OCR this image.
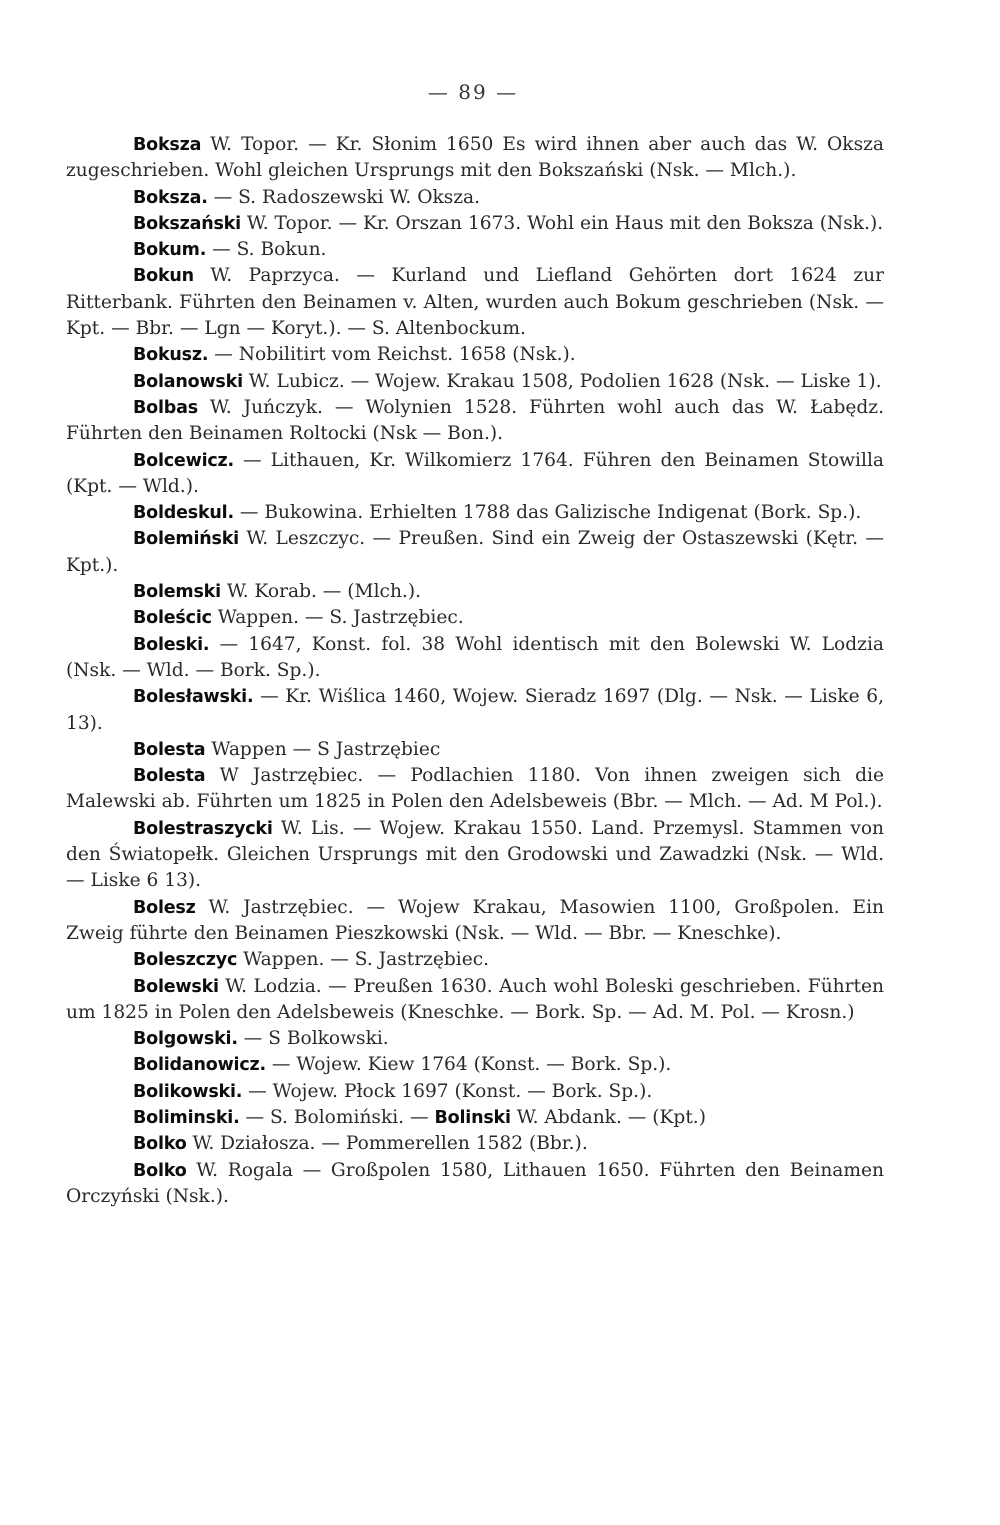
— 89 —

Boksza W. Topor. — Kr. Słonim 1650 Es wird ihnen aber auch das W. Oksza zugeschrieben. Wohl gleichen Ursprungs mit den Bokszański (Nsk. — Mlch.).

Boksza. — S. Radoszewski W. Oksza.

Bokszański W. Topor. — Kr. Orszan 1673. Wohl ein Haus mit den Boksza (Nsk.).

Bokum. — S. Bokun.

Bokun W. Paprzyca. — Kurland und Liefland Gehörten dort 1624 zur Ritterbank. Führten den Beinamen v. Alten, wurden auch Bokum geschrieben (Nsk. — Kpt. — Bbr. — Lgn — Koryt.). — S. Altenbockum.

Bokusz. — Nobilitirt vom Reichst. 1658 (Nsk.).

Bolanowski W. Lubicz. — Wojew. Krakau 1508, Podolien 1628 (Nsk. — Liske 1).

Bolbas W. Juńczyk. — Wolynien 1528. Führten wohl auch das W. Łabędz. Führten den Beinamen Roltocki (Nsk — Bon.).

Bolcewicz. — Lithauen, Kr. Wilkomierz 1764. Führen den Beinamen Stowilla (Kpt. — Wld.).

Boldeskul. — Bukowina. Erhielten 1788 das Galizische Indigenat (Bork. Sp.).

Bolemiński W. Leszczyc. — Preußen. Sind ein Zweig der Ostaszewski (Kętr. — Kpt.).

Bolemski W. Korab. — (Mlch.).

Boleścic Wappen. — S. Jastrzębiec.

Boleski. — 1647, Konst. fol. 38 Wohl identisch mit den Bolewski W. Lodzia (Nsk. — Wld. — Bork. Sp.).

Bolesławski. — Kr. Wiślica 1460, Wojew. Sieradz 1697 (Dlg. — Nsk. — Liske 6, 13).

Bolesta Wappen — S Jastrzębiec

Bolesta W Jastrzębiec. — Podlachien 1180. Von ihnen zweigen sich die Malewski ab. Führten um 1825 in Polen den Adelsbeweis (Bbr. — Mlch. — Ad. M Pol.).

Bolestraszycki W. Lis. — Wojew. Krakau 1550. Land. Przemysl. Stammen von den Światopełk. Gleichen Ursprungs mit den Grodowski und Zawadzki (Nsk. — Wld. — Liske 6 13).

Bolesz W. Jastrzębiec. — Wojew Krakau, Masowien 1100, Großpolen. Ein Zweig führte den Beinamen Pieszkowski (Nsk. — Wld. — Bbr. — Kneschke).

Boleszczyc Wappen. — S. Jastrzębiec.

Bolewski W. Lodzia. — Preußen 1630. Auch wohl Boleski geschrieben. Führten um 1825 in Polen den Adelsbeweis (Kneschke. — Bork. Sp. — Ad. M. Pol. — Krosn.)

Bolgowski. — S Bolkowski.

Bolidanowicz. — Wojew. Kiew 1764 (Konst. — Bork. Sp.).

Bolikowski. — Wojew. Płock 1697 (Konst. — Bork. Sp.).

Boliminski. — S. Bolomiński. — Bolinski W. Abdank. — (Kpt.)

Bolko W. Działosza. — Pommerellen 1582 (Bbr.).

Bolko W. Rogala — Großpolen 1580, Lithauen 1650. Führten den Beinamen Orczyński (Nsk.).
